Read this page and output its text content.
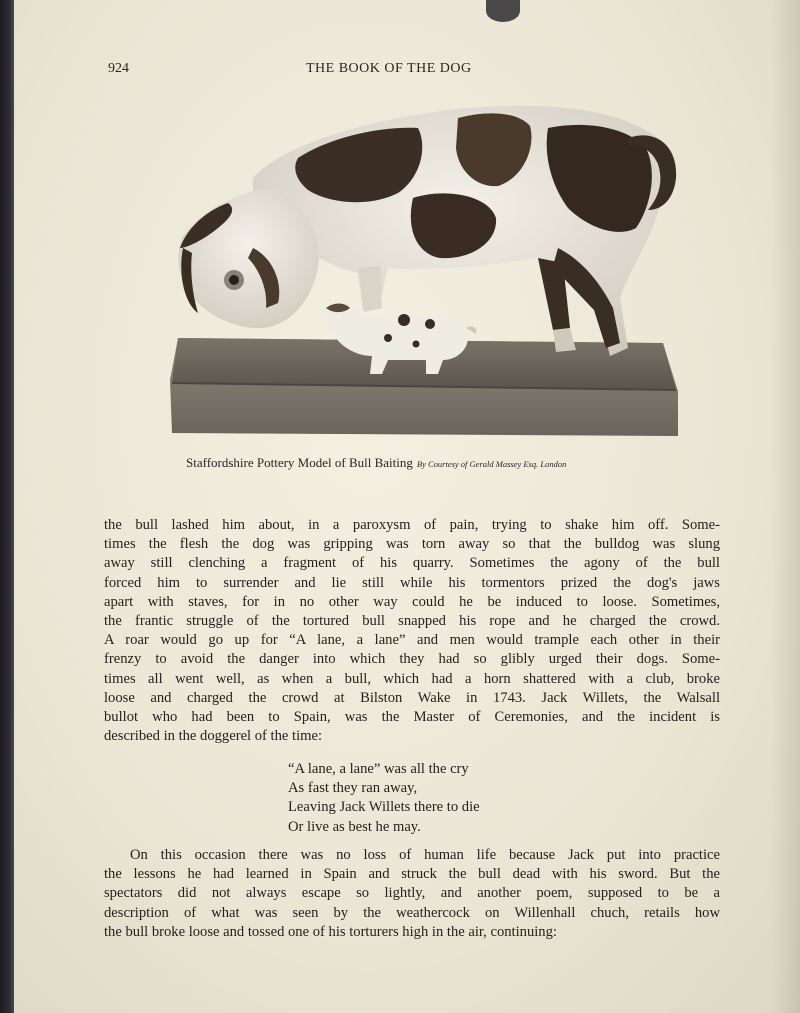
924	THE BOOK OF THE DOG
Staffordshire Pottery Model of Bull Baiting By Courtesy of Gerald Massey Esq. London
the bull lashed him about, in a paroxysm of pain, trying to shake him off. Some-
times the flesh the dog was gripping was torn away so that the bulldog was slung
away still clenching a fragment of his quarry. Sometimes the agony of the bull
forced him to surrender and lie still while his tormentors prized the dog's jaws
apart with staves, for in no other way could he be induced to loose. Sometimes,
the frantic struggle of the tortured bull snapped his rope and he charged the crowd.
A roar would go up for “A lane, a lane” and men would trample each other in their
frenzy to avoid the danger into which they had so glibly urged their dogs. Some-
times all went well, as when a bull, which had a horn shattered with a club, broke
loose and charged the crowd at Bilston Wake in 1743. Jack Willets, the Walsall
bullot who had been to Spain, was the Master of Ceremonies, and the incident is
described in the doggerel of the time:
“A lane, a lane” was all the cry
As fast they ran away,
Leaving Jack Willets there to die
Or live as best he may.
On this occasion there was no loss of human life because Jack put into practice
the lessons he had learned in Spain and struck the bull dead with his sword. But the
spectators did not always escape so lightly, and another poem, supposed to be a
description of what was seen by the weathercock on Willenhall chuch, retails how
the bull broke loose and tossed one of his torturers high in the air, continuing:
